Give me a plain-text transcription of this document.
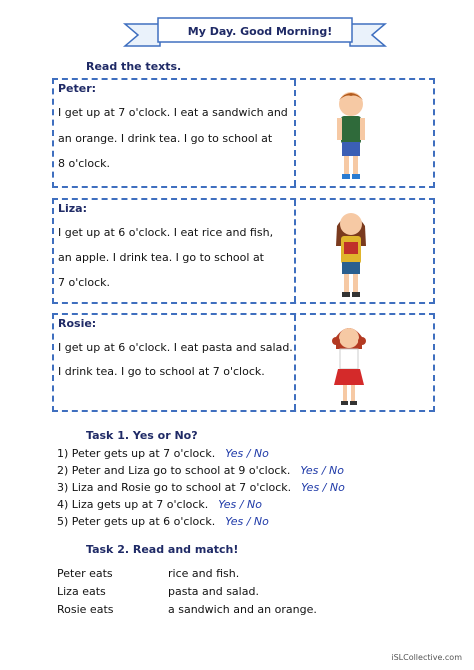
My Day. Good Morning!
Read the texts.
Peter:
I get up at 7 o'clock. I eat a sandwich and
an orange. I drink tea. I go to school at
8 o'clock.
Liza:
I get up at 6 o'clock. I eat rice and fish,
an apple. I drink tea. I go to school at
7 o'clock.
Rosie:
I get up at 6 o'clock. I eat pasta and salad.
I drink tea. I go to school at 7 o'clock.
Task 1. Yes or No?
1) Peter gets up at 7 o'clock. Yes / No
2) Peter and Liza go to school at 9 o'clock. Yes / No
3) Liza and Rosie go to school at 7 o'clock. Yes / No
4) Liza gets up at 7 o'clock. Yes / No
5) Peter gets up at 6 o'clock. Yes / No
Task 2. Read and match!
Peter eats
Liza eats
Rosie eats
rice and fish.
pasta and salad.
a sandwich and an orange.
iSLCollective.com
